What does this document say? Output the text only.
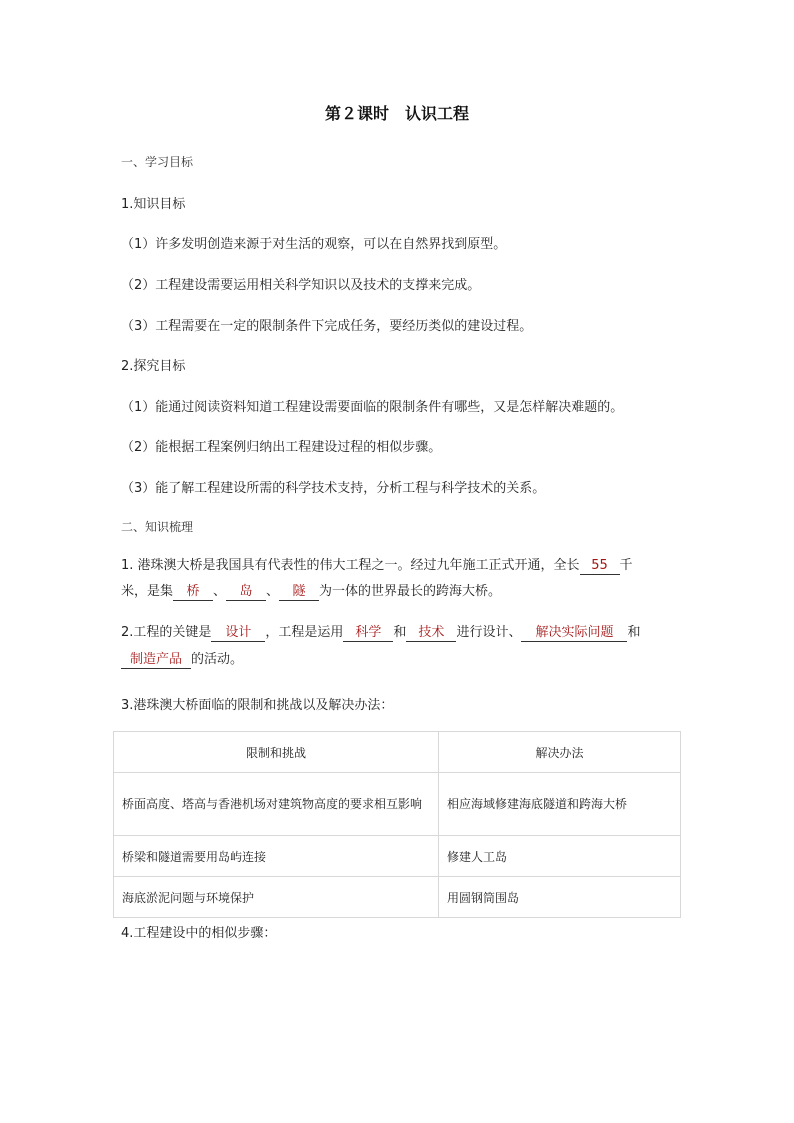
第２课时　认识工程
一、学习目标
1.知识目标
（1）许多发明创造来源于对生活的观察，可以在自然界找到原型。
（2）工程建设需要运用相关科学知识以及技术的支撑来完成。
（3）工程需要在一定的限制条件下完成任务，要经历类似的建设过程。
2.探究目标
（1）能通过阅读资料知道工程建设需要面临的限制条件有哪些，又是怎样解决难题的。
（2）能根据工程案例归纳出工程建设过程的相似步骤。
（3）能了解工程建设所需的科学技术支持，分析工程与科学技术的关系。
二、知识梳理
1. 港珠澳大桥是我国具有代表性的伟大工程之一。经过九年施工正式开通，全长 55 千
米，是集 桥 、 岛 、 隧 为一体的世界最长的跨海大桥。
2.工程的关键是 设计 ，工程是运用 科学 和 技术 进行设计、 解决实际问题 和
制造产品 的活动。
3.港珠澳大桥面临的限制和挑战以及解决办法：
限制和挑战	解决办法
桥面高度、塔高与香港机场对建筑物高度的要求相互影响	相应海域修建海底隧道和跨海大桥
桥梁和隧道需要用岛屿连接	修建人工岛
海底淤泥问题与环境保护	用圆钢筒围岛
4.工程建设中的相似步骤：
